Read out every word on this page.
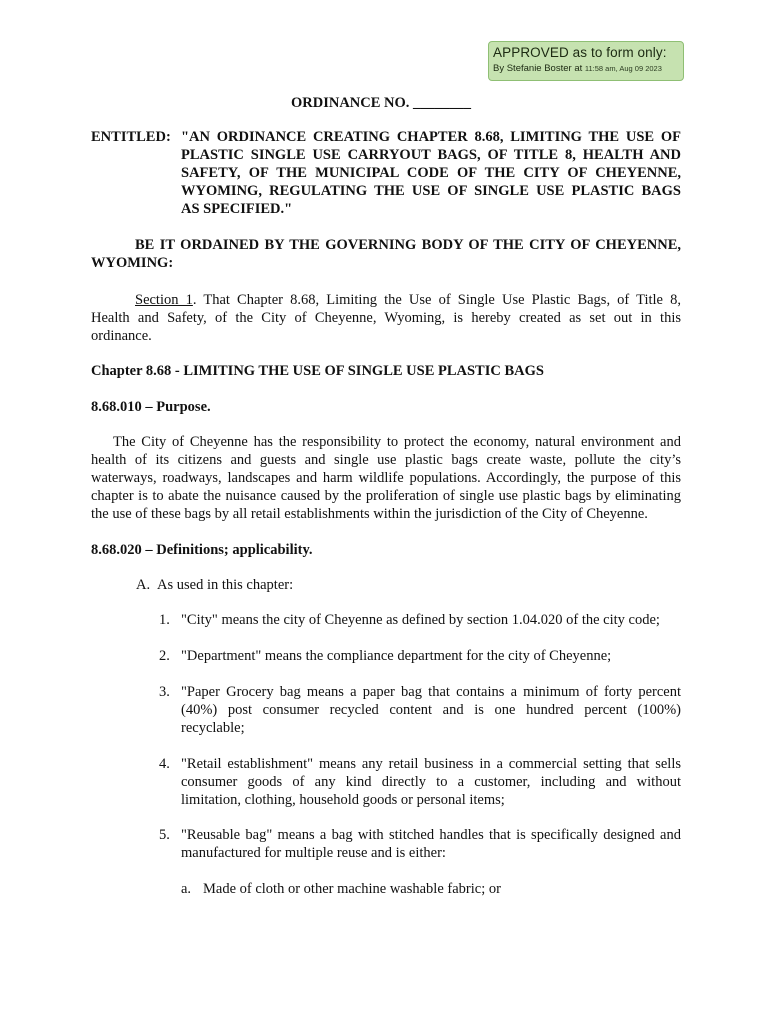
APPROVED as to form only:
By Stefanie Boster at 11:58 am, Aug 09 2023
ORDINANCE NO. ________
ENTITLED: "AN ORDINANCE CREATING CHAPTER 8.68, LIMITING THE USE OF
PLASTIC SINGLE USE CARRYOUT BAGS, OF TITLE 8, HEALTH AND
SAFETY, OF THE MUNICIPAL CODE OF THE CITY OF CHEYENNE,
WYOMING, REGULATING THE USE OF SINGLE USE PLASTIC BAGS
AS SPECIFIED."
BE IT ORDAINED BY THE GOVERNING BODY OF THE CITY OF CHEYENNE,
WYOMING:
Section 1. That Chapter 8.68, Limiting the Use of Single Use Plastic Bags, of Title 8,
Health and Safety, of the City of Cheyenne, Wyoming, is hereby created as set out in this
ordinance.
Chapter 8.68 - LIMITING THE USE OF SINGLE USE PLASTIC BAGS
8.68.010 – Purpose.
The City of Cheyenne has the responsibility to protect the economy, natural environment and
health of its citizens and guests and single use plastic bags create waste, pollute the city’s
waterways, roadways, landscapes and harm wildlife populations. Accordingly, the purpose of this
chapter is to abate the nuisance caused by the proliferation of single use plastic bags by eliminating
the use of these bags by all retail establishments within the jurisdiction of the City of Cheyenne.
8.68.020 – Definitions; applicability.
A. As used in this chapter:
1. "City" means the city of Cheyenne as defined by section 1.04.020 of the city code;
2. "Department" means the compliance department for the city of Cheyenne;
3. "Paper Grocery bag means a paper bag that contains a minimum of forty percent
(40%) post consumer recycled content and is one hundred percent (100%)
recyclable;
4. "Retail establishment" means any retail business in a commercial setting that sells
consumer goods of any kind directly to a customer, including and without
limitation, clothing, household goods or personal items;
5. "Reusable bag" means a bag with stitched handles that is specifically designed and
manufactured for multiple reuse and is either:
a. Made of cloth or other machine washable fabric; or
